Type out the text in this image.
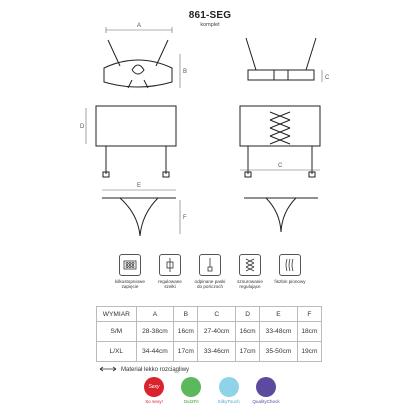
861-SEG
komplet
A
B
C
D
C
E
F
kilkustopniowe
zapięcie
regulowane
szelki
odpinane paski
do pończoch
sznurowanie
regulujące
fiszbin pionowy
WYMIAR	A	B	C	D	E	F
S/M	28-38cm	16cm	27-40cm	16cm	33-48cm	18cm
L/XL	34-44cm	17cm	33-46cm	17cm	35-50cm	19cm
Materiał lekko rozciągliwy
Sexy
So sexy!	Did2Fit	SilkyTouch	QualityCheck
